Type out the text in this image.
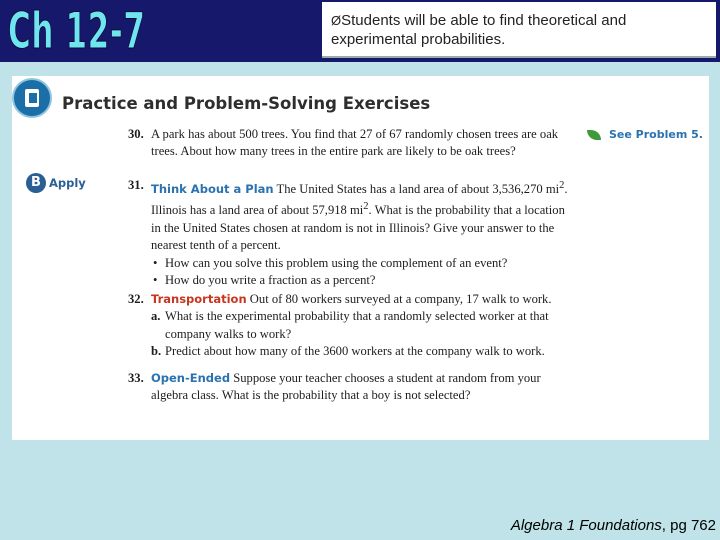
Ch 12-7	ØStudents will be able to find theoretical and experimental probabilities.
Practice and Problem-Solving Exercises
See Problem 5.
B Apply
30. A park has about 500 trees. You find that 27 of 67 randomly chosen trees are oak trees. About how many trees in the entire park are likely to be oak trees?
31. Think About a Plan The United States has a land area of about 3,536,270 $mi^2$. Illinois has a land area of about 57,918 $mi^2$. What is the probability that a location in the United States chosen at random is not in Illinois? Give your answer to the nearest tenth of a percent.
• How can you solve this problem using the complement of an event?
• How do you write a fraction as a percent?
32. Transportation Out of 80 workers surveyed at a company, 17 walk to work.
a. What is the experimental probability that a randomly selected worker at that company walks to work?
b. Predict about how many of the 3600 workers at the company walk to work.
33. Open-Ended Suppose your teacher chooses a student at random from your algebra class. What is the probability that a boy is not selected?
Algebra 1 Foundations, pg 762
